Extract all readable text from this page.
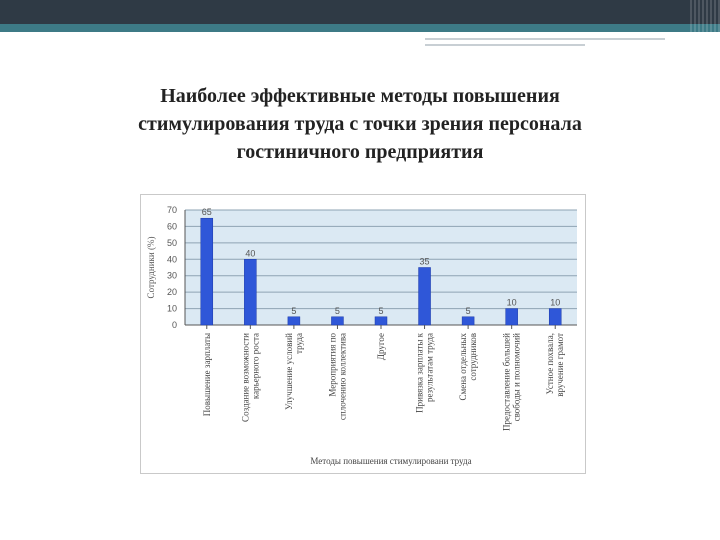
Наиболее эффективные методы повышения
стимулирования труда с точки зрения персонала
гостиничного предприятия
0
10
20
30
40
50
60
70
Сотрудники (%)
65
Повышение зарплаты
40
Создание возможностикарьерного роста
5
Улучшение условийтруда
5
Мероприятия посплочению коллектива
5
Другое
35
Привязка зарплаты крезультатам труда
5
Смена отдельныхсотрудников
10
Предоставление большейсвободы и полномочий
10
Устное похвала,вручение грамот
Методы повышения стимулировани труда
